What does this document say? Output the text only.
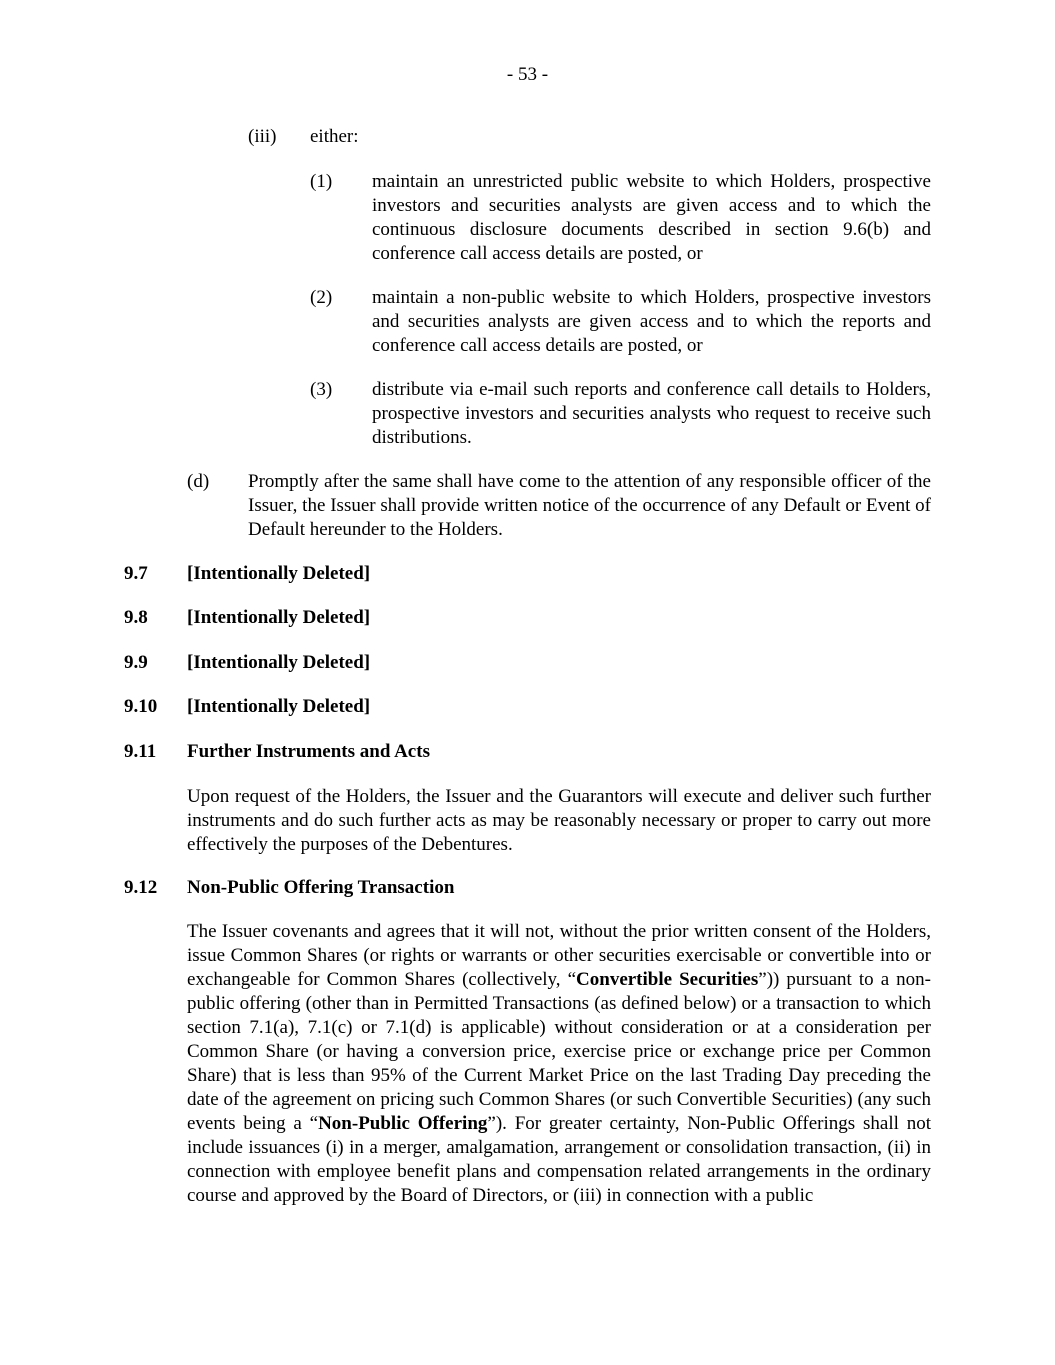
- 53 -
(iii) either:
(1) maintain an unrestricted public website to which Holders, prospective investors and securities analysts are given access and to which the continuous disclosure documents described in section 9.6(b) and conference call access details are posted, or
(2) maintain a non-public website to which Holders, prospective investors and securities analysts are given access and to which the reports and conference call access details are posted, or
(3) distribute via e-mail such reports and conference call details to Holders, prospective investors and securities analysts who request to receive such distributions.
(d) Promptly after the same shall have come to the attention of any responsible officer of the Issuer, the Issuer shall provide written notice of the occurrence of any Default or Event of Default hereunder to the Holders.
9.7 [Intentionally Deleted]
9.8 [Intentionally Deleted]
9.9 [Intentionally Deleted]
9.10 [Intentionally Deleted]
9.11 Further Instruments and Acts
Upon request of the Holders, the Issuer and the Guarantors will execute and deliver such further instruments and do such further acts as may be reasonably necessary or proper to carry out more effectively the purposes of the Debentures.
9.12 Non-Public Offering Transaction
The Issuer covenants and agrees that it will not, without the prior written consent of the Holders, issue Common Shares (or rights or warrants or other securities exercisable or convertible into or exchangeable for Common Shares (collectively, “Convertible Securities”)) pursuant to a non-public offering (other than in Permitted Transactions (as defined below) or a transaction to which section 7.1(a), 7.1(c) or 7.1(d) is applicable) without consideration or at a consideration per Common Share (or having a conversion price, exercise price or exchange price per Common Share) that is less than 95% of the Current Market Price on the last Trading Day preceding the date of the agreement on pricing such Common Shares (or such Convertible Securities) (any such events being a “Non-Public Offering”). For greater certainty, Non-Public Offerings shall not include issuances (i) in a merger, amalgamation, arrangement or consolidation transaction, (ii) in connection with employee benefit plans and compensation related arrangements in the ordinary course and approved by the Board of Directors, or (iii) in connection with a public
